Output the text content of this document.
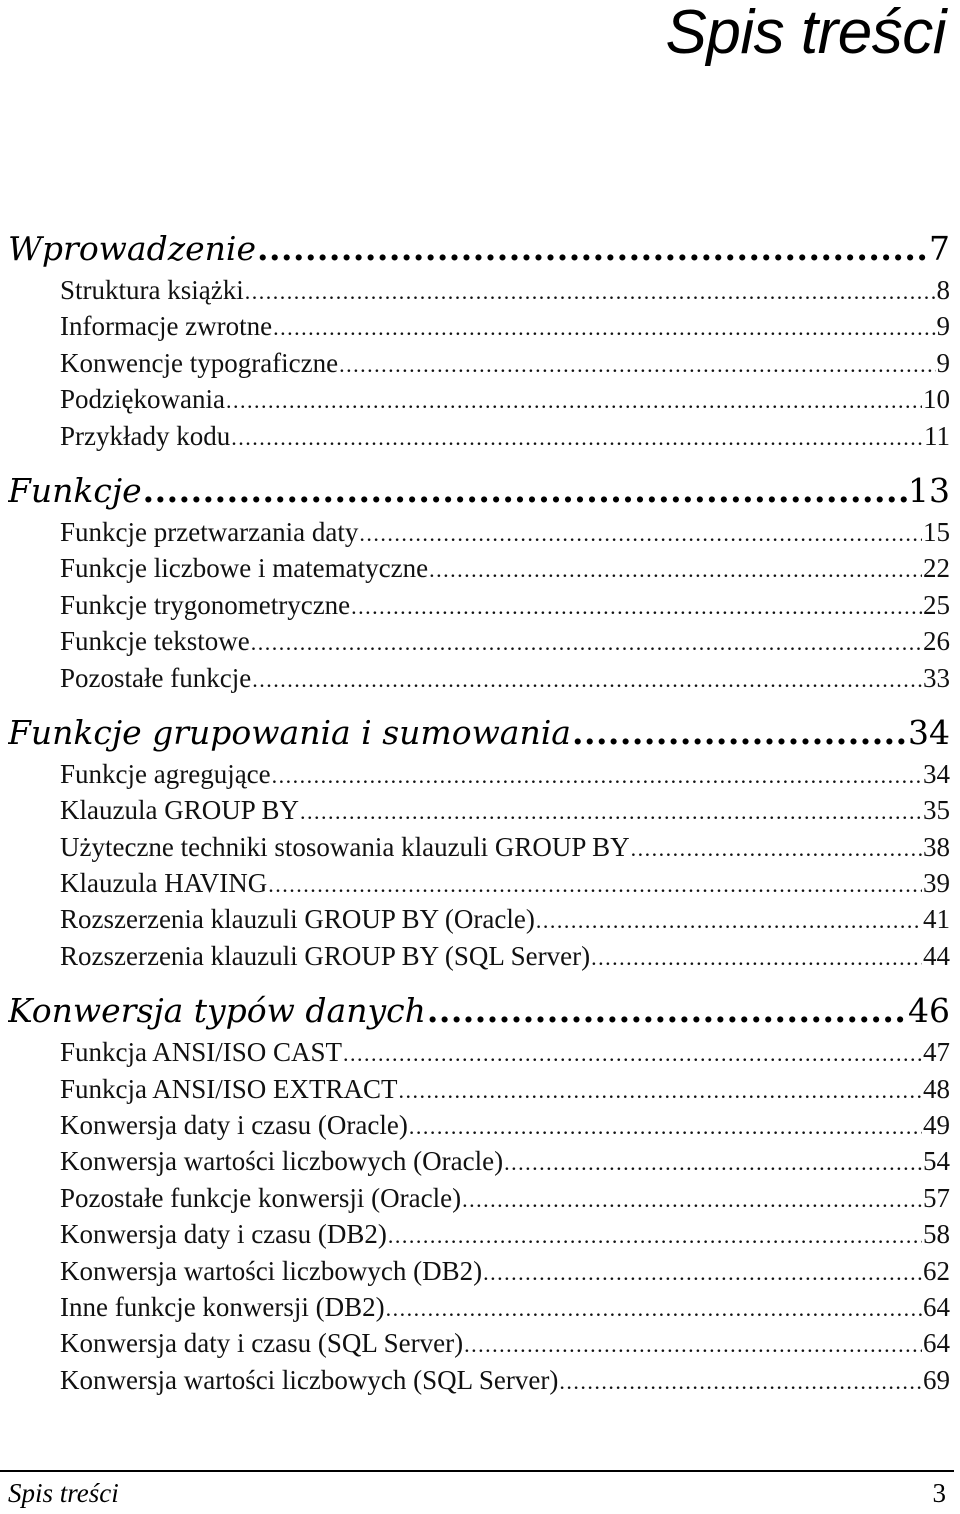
Spis treści
Wprowadzenie .....	7
Struktura książki .....	8
Informacje zwrotne .....	9
Konwencje typograficzne .....	9
Podziękowania .....	10
Przykłady kodu .....	11
Funkcje .....	13
Funkcje przetwarzania daty .....	15
Funkcje liczbowe i matematyczne .....	22
Funkcje trygonometryczne .....	25
Funkcje tekstowe .....	26
Pozostałe funkcje .....	33
Funkcje grupowania i sumowania .....	34
Funkcje agregujące .....	34
Klauzula GROUP BY .....	35
Użyteczne techniki stosowania klauzuli GROUP BY .....	38
Klauzula HAVING .....	39
Rozszerzenia klauzuli GROUP BY (Oracle) .....	41
Rozszerzenia klauzuli GROUP BY (SQL Server) .....	44
Konwersja typów danych .....	46
Funkcja ANSI/ISO CAST .....	47
Funkcja ANSI/ISO EXTRACT .....	48
Konwersja daty i czasu (Oracle) .....	49
Konwersja wartości liczbowych (Oracle) .....	54
Pozostałe funkcje konwersji (Oracle) .....	57
Konwersja daty i czasu (DB2) .....	58
Konwersja wartości liczbowych (DB2) .....	62
Inne funkcje konwersji (DB2) .....	64
Konwersja daty i czasu (SQL Server) .....	64
Konwersja wartości liczbowych (SQL Server) .....	69
Spis treści	3
